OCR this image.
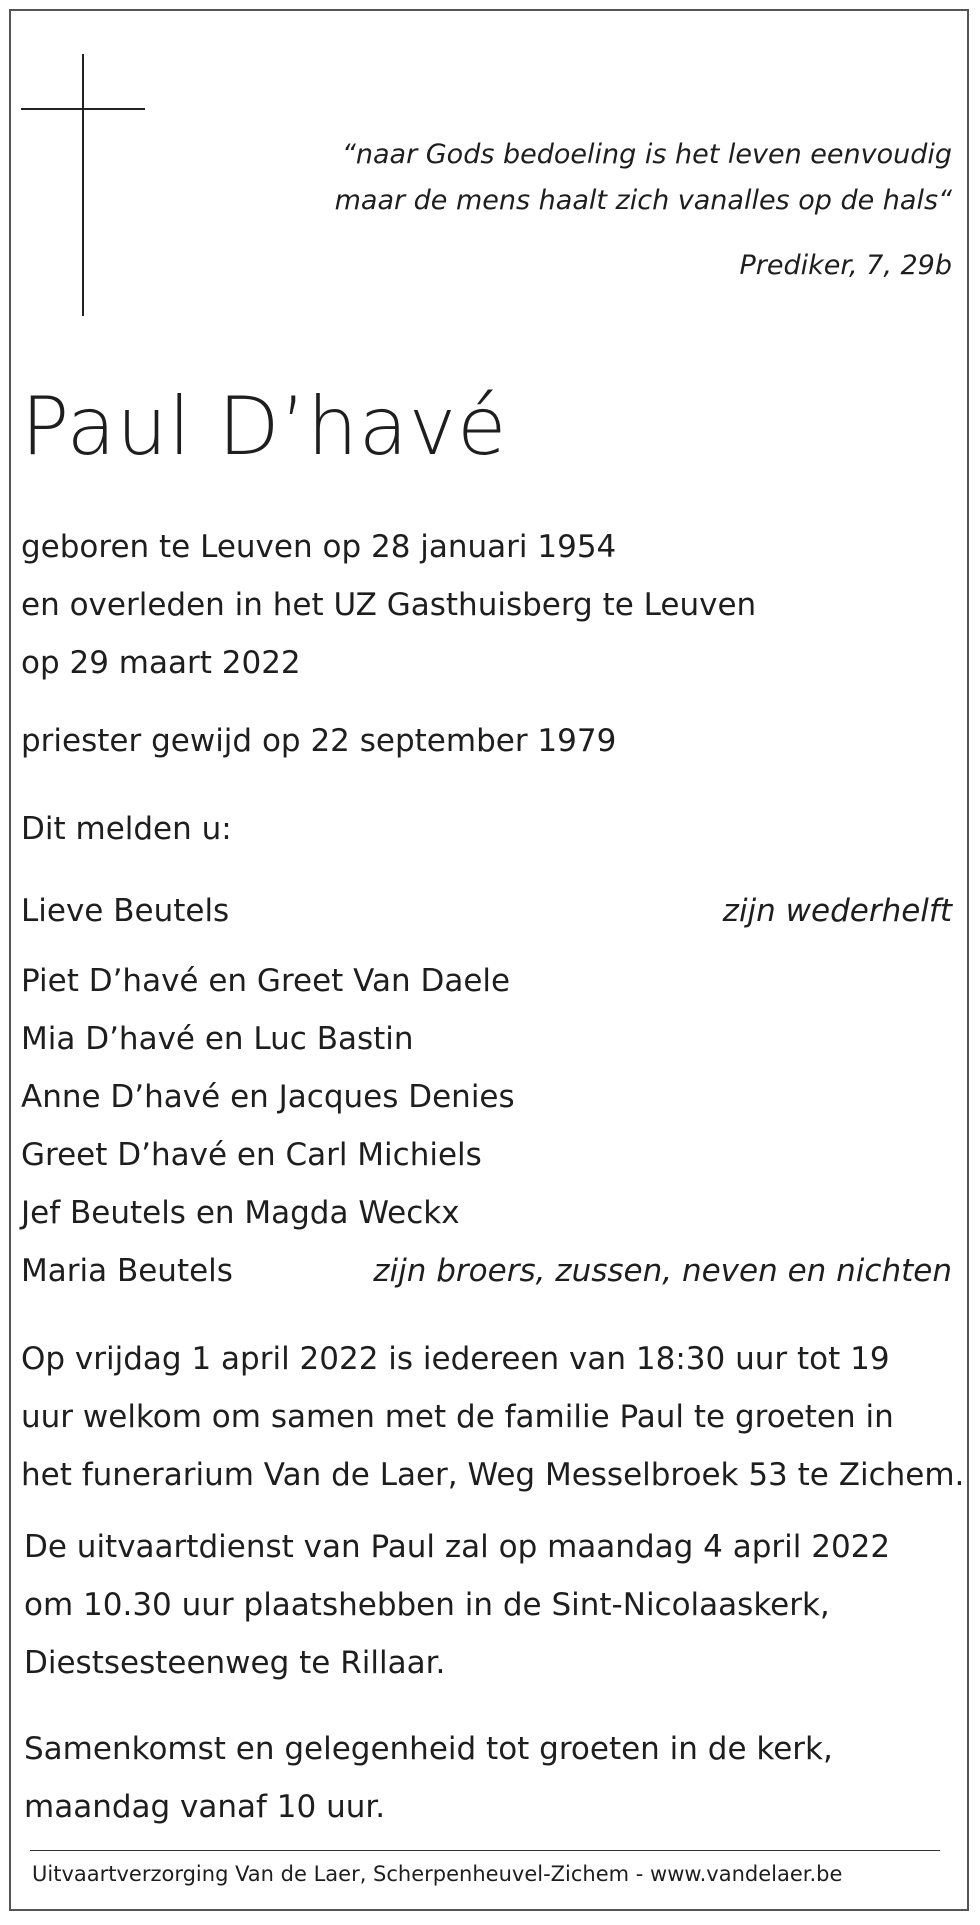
“naar Gods bedoeling is het leven eenvoudig
maar de mens haalt zich vanalles op de hals“
Prediker, 7, 29b
Paul D’havé
geboren te Leuven op 28 januari 1954
en overleden in het UZ Gasthuisberg te Leuven
op 29 maart 2022
priester gewijd op 22 september 1979
Dit melden u:
Lieve Beutels	zijn wederhelft
Piet D’havé en Greet Van Daele
Mia D’havé en Luc Bastin
Anne D’havé en Jacques Denies
Greet D’havé en Carl Michiels
Jef Beutels en Magda Weckx
Maria Beutels	zijn broers, zussen, neven en nichten
Op vrijdag 1 april 2022 is iedereen van 18:30 uur tot 19
uur welkom om samen met de familie Paul te groeten in
het funerarium Van de Laer, Weg Messelbroek 53 te Zichem.
De uitvaartdienst van Paul zal op maandag 4 april 2022
om 10.30 uur plaatshebben in de Sint-Nicolaaskerk,
Diestsesteenweg te Rillaar.
Samenkomst en gelegenheid tot groeten in de kerk,
maandag vanaf 10 uur.
Uitvaartverzorging Van de Laer, Scherpenheuvel-Zichem - www.vandelaer.be
